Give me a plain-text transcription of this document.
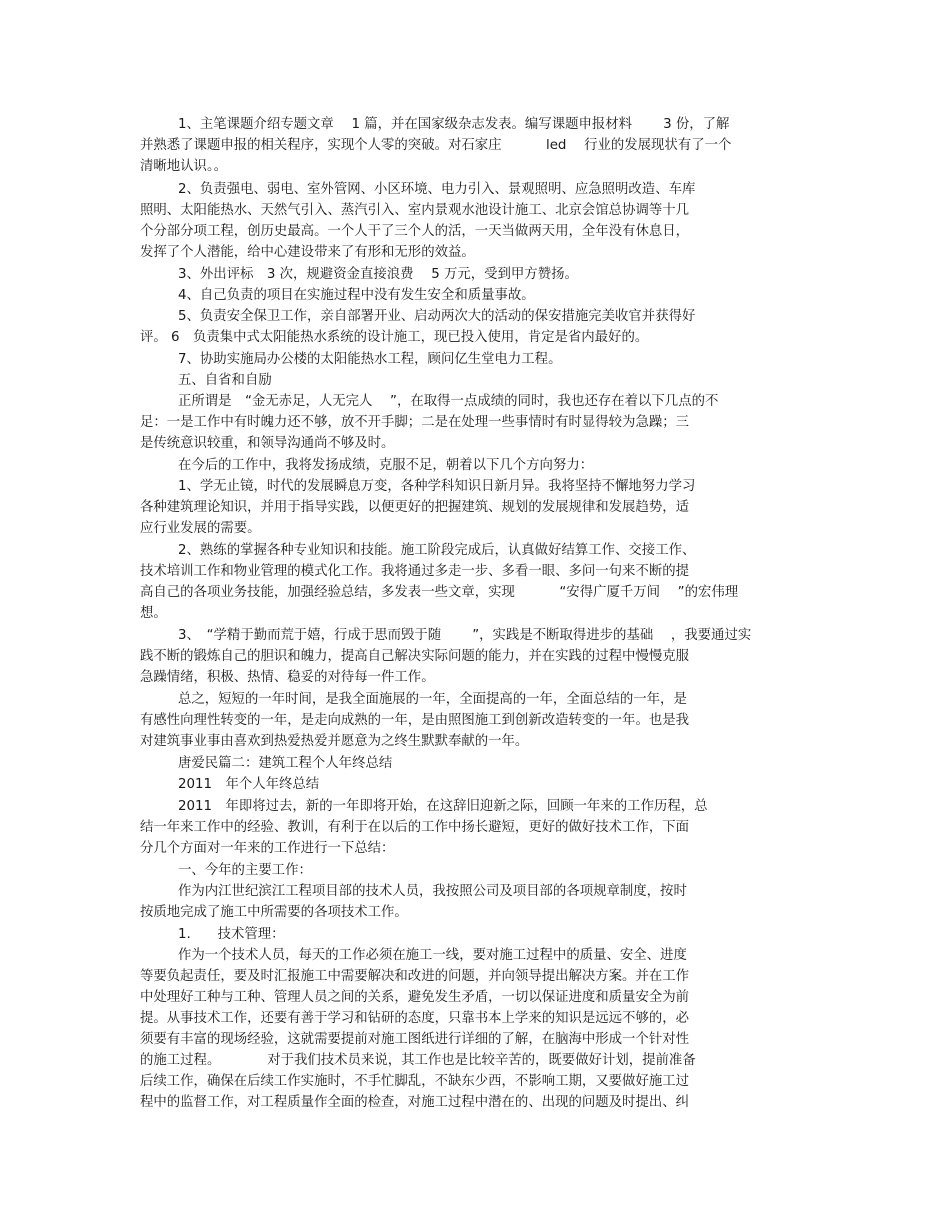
1、主笔课题介绍专题文章　 1 篇，并在国家级杂志发表。编写课题申报材料　　 3 份，了解

并熟悉了课题申报的相关程序，实现个人零的突破。对石家庄　　　 led 　行业的发展现状有了一个

清晰地认识。。

2、负责强电、弱电、室外管网、小区环境、电力引入、景观照明、应急照明改造、车库

照明、太阳能热水、天然气引入、蒸汽引入、室内景观水池设计施工、北京会馆总协调等十几

个分部分项工程，创历史最高。一个人干了三个人的活，一天当做两天用，全年没有休息日，

发挥了个人潜能，给中心建设带来了有形和无形的效益。

3、外出评标　3 次，规避资金直接浪费　 5 万元，受到甲方赞扬。

4、自己负责的项目在实施过程中没有发生安全和质量事故。

5、负责安全保卫工作，亲自部署开业、启动两次大的活动的保安措施完美收官并获得好

评。 6　负责集中式太阳能热水系统的设计施工，现已投入使用，肯定是省内最好的。

7、协助实施局办公楼的太阳能热水工程，顾问亿生堂电力工程。

五、自省和自励

正所谓是　“金无赤足，人无完人　 ”，在取得一点成绩的同时，我也还存在着以下几点的不

足：一是工作中有时魄力还不够，放不开手脚；二是在处理一些事情时有时显得较为急躁；三

是传统意识较重，和领导沟通尚不够及时。

在今后的工作中，我将发扬成绩，克服不足，朝着以下几个方向努力：

1、学无止镜，时代的发展瞬息万变，各种学科知识日新月异。我将坚持不懈地努力学习

各种建筑理论知识，并用于指导实践，以便更好的把握建筑、规划的发展规律和发展趋势，适

应行业发展的需要。

2、熟练的掌握各种专业知识和技能。施工阶段完成后，认真做好结算工作、交接工作、

技术培训工作和物业管理的模式化工作。我将通过多走一步、多看一眼、多问一句来不断的提

高自己的各项业务技能，加强经验总结，多发表一些文章，实现　　　 “安得广厦千万间　 ”的宏伟理

想。

3、　“学精于勤而荒于嬉，行成于思而毁于随　　 ”，实践是不断取得进步的基础　 ，我要通过实

践不断的锻炼自己的胆识和魄力，提高自己解决实际问题的能力，并在实践的过程中慢慢克服

急躁情绪，积极、热情、稳妥的对待每一件工作。

总之，短短的一年时间，是我全面施展的一年，全面提高的一年，全面总结的一年，是

有感性向理性转变的一年，是走向成熟的一年，是由照图施工到创新改造转变的一年。也是我

对建筑事业事由喜欢到热爱热爱并愿意为之终生默默奉献的一年。

唐爱民篇二：建筑工程个人年终总结

2011　年个人年终总结

2011　年即将过去，新的一年即将开始，在这辞旧迎新之际，回顾一年来的工作历程，总

结一年来工作中的经验、教训，有利于在以后的工作中扬长避短，更好的做好技术工作，下面

分几个方面对一年来的工作进行一下总结：

一、今年的主要工作：

作为内江世纪滨江工程项目部的技术人员，我按照公司及项目部的各项规章制度，按时

按质地完成了施工中所需要的各项技术工作。

1.　　技术管理：

作为一个技术人员，每天的工作必须在施工一线，要对施工过程中的质量、安全、进度

等要负起责任，要及时汇报施工中需要解决和改进的问题，并向领导提出解决方案。并在工作

中处理好工种与工种、管理人员之间的关系，避免发生矛盾，一切以保证进度和质量安全为前

提。从事技术工作，还要有善于学习和钻研的态度，只靠书本上学来的知识是远远不够的，必

须要有丰富的现场经验，这就需要提前对施工图纸进行详细的了解，在脑海中形成一个针对性

的施工过程。　　　　对于我们技术员来说，其工作也是比较辛苦的，既要做好计划，提前准备

后续工作，确保在后续工作实施时，不手忙脚乱，不缺东少西，不影响工期，又要做好施工过

程中的监督工作，对工程质量作全面的检查，对施工过程中潜在的、出现的问题及时提出、纠
